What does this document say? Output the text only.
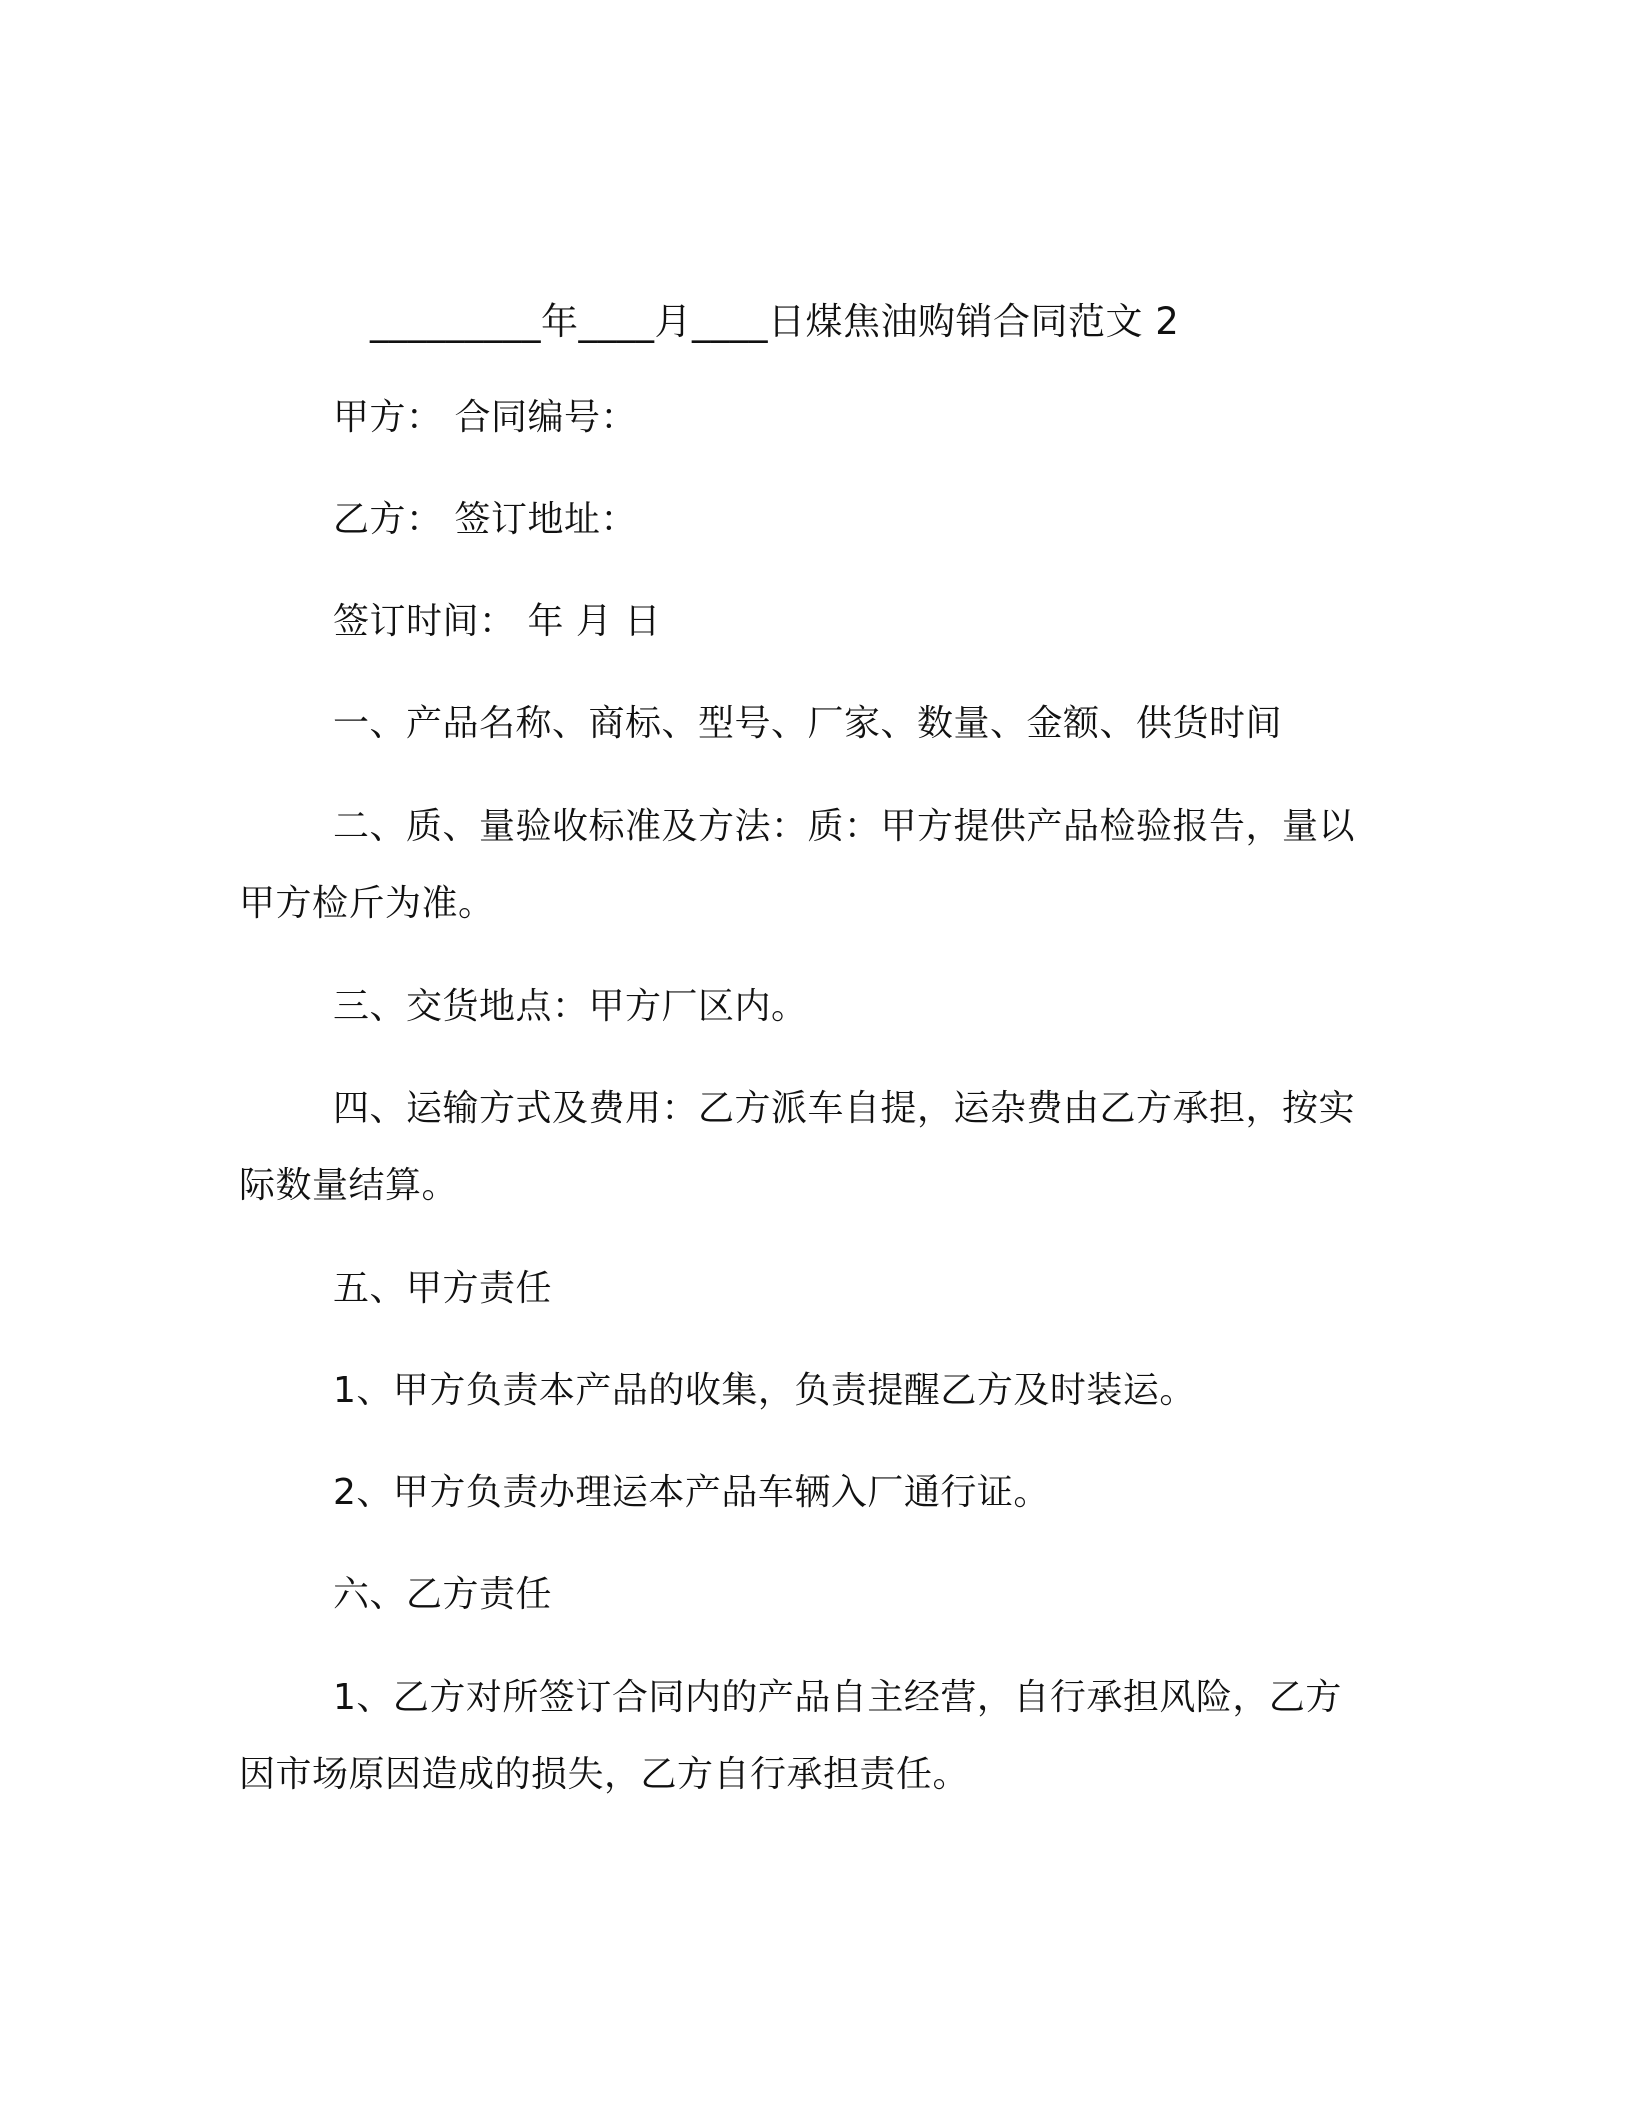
_________年____月____日煤焦油购销合同范文 2
甲方： 合同编号：
乙方： 签订地址：
签订时间： 年 月 日
一、产品名称、商标、型号、厂家、数量、金额、供货时间
二、质、量验收标准及方法：质：甲方提供产品检验报告，量以
甲方检斤为准。
三、交货地点：甲方厂区内。
四、运输方式及费用：乙方派车自提，运杂费由乙方承担，按实
际数量结算。
五、甲方责任
1、甲方负责本产品的收集，负责提醒乙方及时装运。
2、甲方负责办理运本产品车辆入厂通行证。
六、乙方责任
1、乙方对所签订合同内的产品自主经营，自行承担风险，乙方
因市场原因造成的损失，乙方自行承担责任。
